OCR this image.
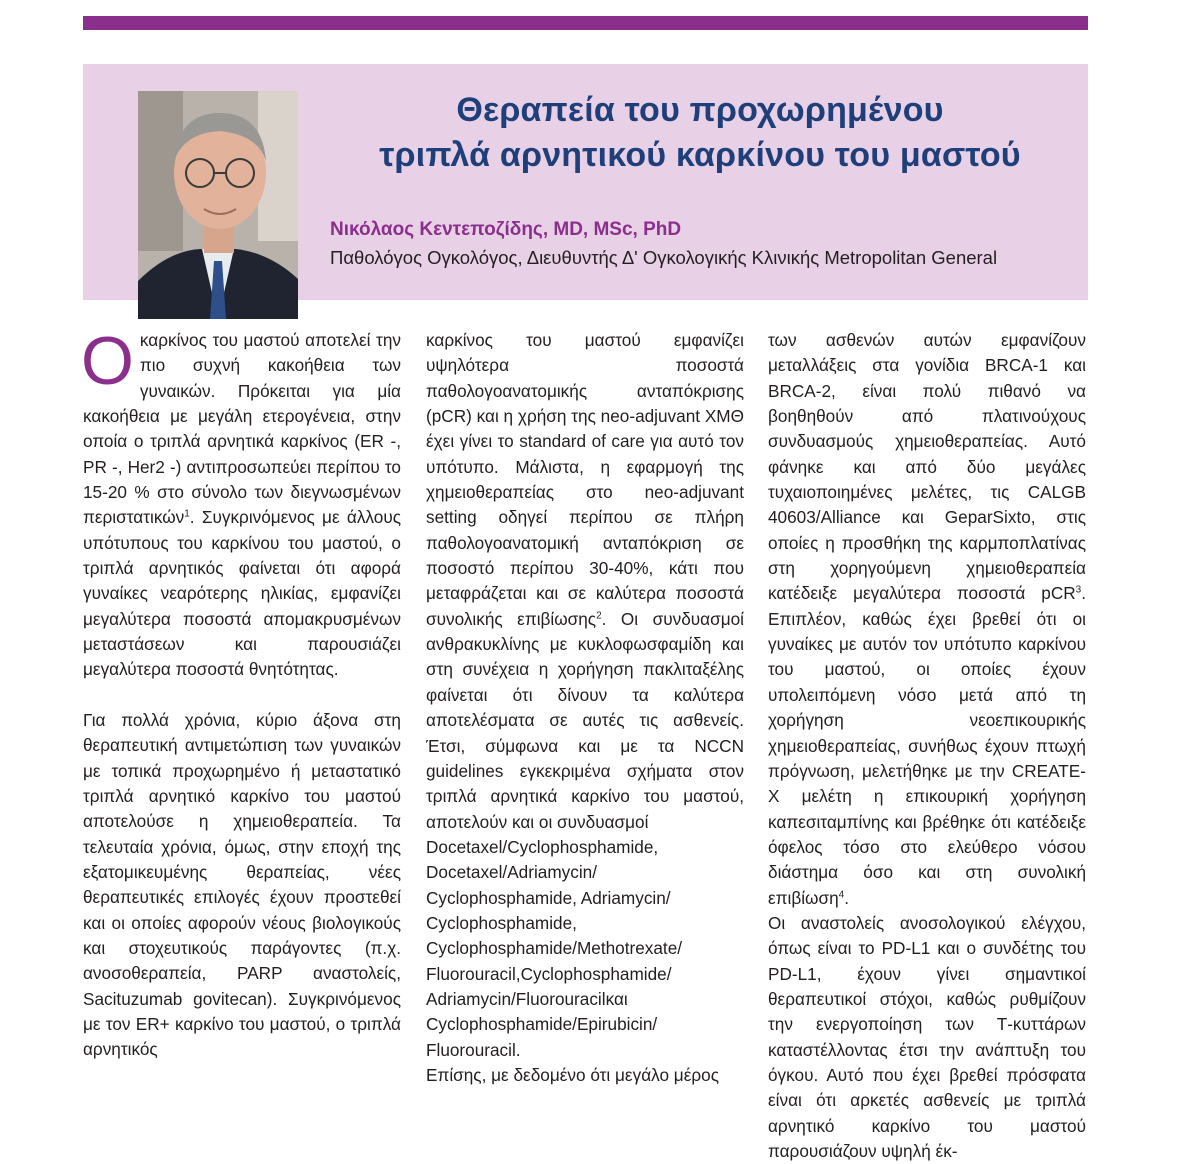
Θεραπεία του προχωρημένου
τριπλά αρνητικού καρκίνου του μαστού

Νικόλαος Κεντεποζίδης, MD, MSc, PhD

Παθολόγος Ογκολόγος, Διευθυντής Δ' Ογκολογικής Κλινικής Metropolitan General

Οκαρκίνος του μαστού αποτελεί την πιο συχνή κακοήθεια των γυναικών. Πρόκειται για μία κακοήθεια με μεγάλη ετερογένεια, στην οποία ο τριπλά αρνητικά καρκίνος (ER -, PR -, Her2 -) αντιπροσωπεύει περίπου το 15-20 % στο σύνολο των διεγνωσμένων περιστατικών$^1$. Συγκρινόμενος με άλλους υπότυπους του καρκίνου του μαστού, ο τριπλά αρνητικός φαίνεται ότι αφορά γυναίκες νεαρότερης ηλικίας, εμφανίζει μεγαλύτερα ποσοστά απομακρυσμένων μεταστάσεων και παρουσιάζει μεγαλύτερα ποσοστά θνητότητας.

Για πολλά χρόνια, κύριο άξονα στη θεραπευτική αντιμετώπιση των γυναικών με τοπικά προχωρημένο ή μεταστατικό τριπλά αρνητικό καρκίνο του μαστού αποτελούσε η χημειοθεραπεία. Τα τελευταία χρόνια, όμως, στην εποχή της εξατομικευμένης θεραπείας, νέες θεραπευτικές επιλογές έχουν προστεθεί και οι οποίες αφορούν νέους βιολογικούς και στοχευτικούς παράγοντες (π.χ. ανοσοθεραπεία, PARP αναστολείς, Sacituzumab govitecan). Συγκρινόμενος με τον ER+ καρκίνο του μαστού, ο τριπλά αρνητικός

καρκίνος του μαστού εμφανίζει υψηλότερα ποσοστά παθολογοανατομικής ανταπόκρισης (pCR) και η χρήση της neo-adjuvant ΧΜΘ έχει γίνει το standard of care για αυτό τον υπότυπο. Μάλιστα, η εφαρμογή της χημειοθεραπείας στο neo-adjuvant setting οδηγεί περίπου σε πλήρη παθολογοανατομική ανταπόκριση σε ποσοστό περίπου 30-40%, κάτι που μεταφράζεται και σε καλύτερα ποσοστά συνολικής επιβίωσης$^2$. Οι συνδυασμοί ανθρακυκλίνης με κυκλοφωσφαμίδη και στη συνέχεια η χορήγηση πακλιταξέλης φαίνεται ότι δίνουν τα καλύτερα αποτελέσματα σε αυτές τις ασθενείς. Έτσι, σύμφωνα και με τα NCCN guidelines εγκεκριμένα σχήματα στον τριπλά αρνητικά καρκίνο του μαστού, αποτελούν και οι συνδυασμοί

Docetaxel/Cyclophosphamide,
Docetaxel/Adriamycin/
Cyclophosphamide, Adriamycin/
Cyclophosphamide,
Cyclophosphamide/Methotrexate/
Fluorouracil,Cyclophosphamide/
Adriamycin/Fluorouracilκαι
Cyclophosphamide/Epirubicin/
Fluorouracil.

Επίσης, με δεδομένο ότι μεγάλο μέρος

των ασθενών αυτών εμφανίζουν μεταλλάξεις στα γονίδια BRCA-1 και BRCA-2, είναι πολύ πιθανό να βοηθηθούν από πλατινούχους συνδυασμούς χημειοθεραπείας. Αυτό φάνηκε και από δύο μεγάλες τυχαιοποιημένες μελέτες, τις CALGB 40603/Alliance και GeparSixto, στις οποίες η προσθήκη της καρμποπλατίνας στη χορηγούμενη χημειοθεραπεία κατέδειξε μεγαλύτερα ποσοστά pCR$^3$. Επιπλέον, καθώς έχει βρεθεί ότι οι γυναίκες με αυτόν τον υπότυπο καρκίνου του μαστού, οι οποίες έχουν υπολειπόμενη νόσο μετά από τη χορήγηση νεοεπικουρικής χημειοθεραπείας, συνήθως έχουν πτωχή πρόγνωση, μελετήθηκε με την CREATE-X μελέτη η επικουρική χορήγηση καπεσιταμπίνης και βρέθηκε ότι κατέδειξε όφελος τόσο στο ελεύθερο νόσου διάστημα όσο και στη συνολική επιβίωση$^4$.

Οι αναστολείς ανοσολογικού ελέγχου, όπως είναι το PD-L1 και ο συνδέτης του PD-L1, έχουν γίνει σημαντικοί θεραπευτικοί στόχοι, καθώς ρυθμίζουν την ενεργοποίηση των Τ-κυττάρων καταστέλλοντας έτσι την ανάπτυξη του όγκου. Αυτό που έχει βρεθεί πρόσφατα είναι ότι αρκετές ασθενείς με τριπλά αρνητικό καρκίνο του μαστού παρουσιάζουν υψηλή έκ-
